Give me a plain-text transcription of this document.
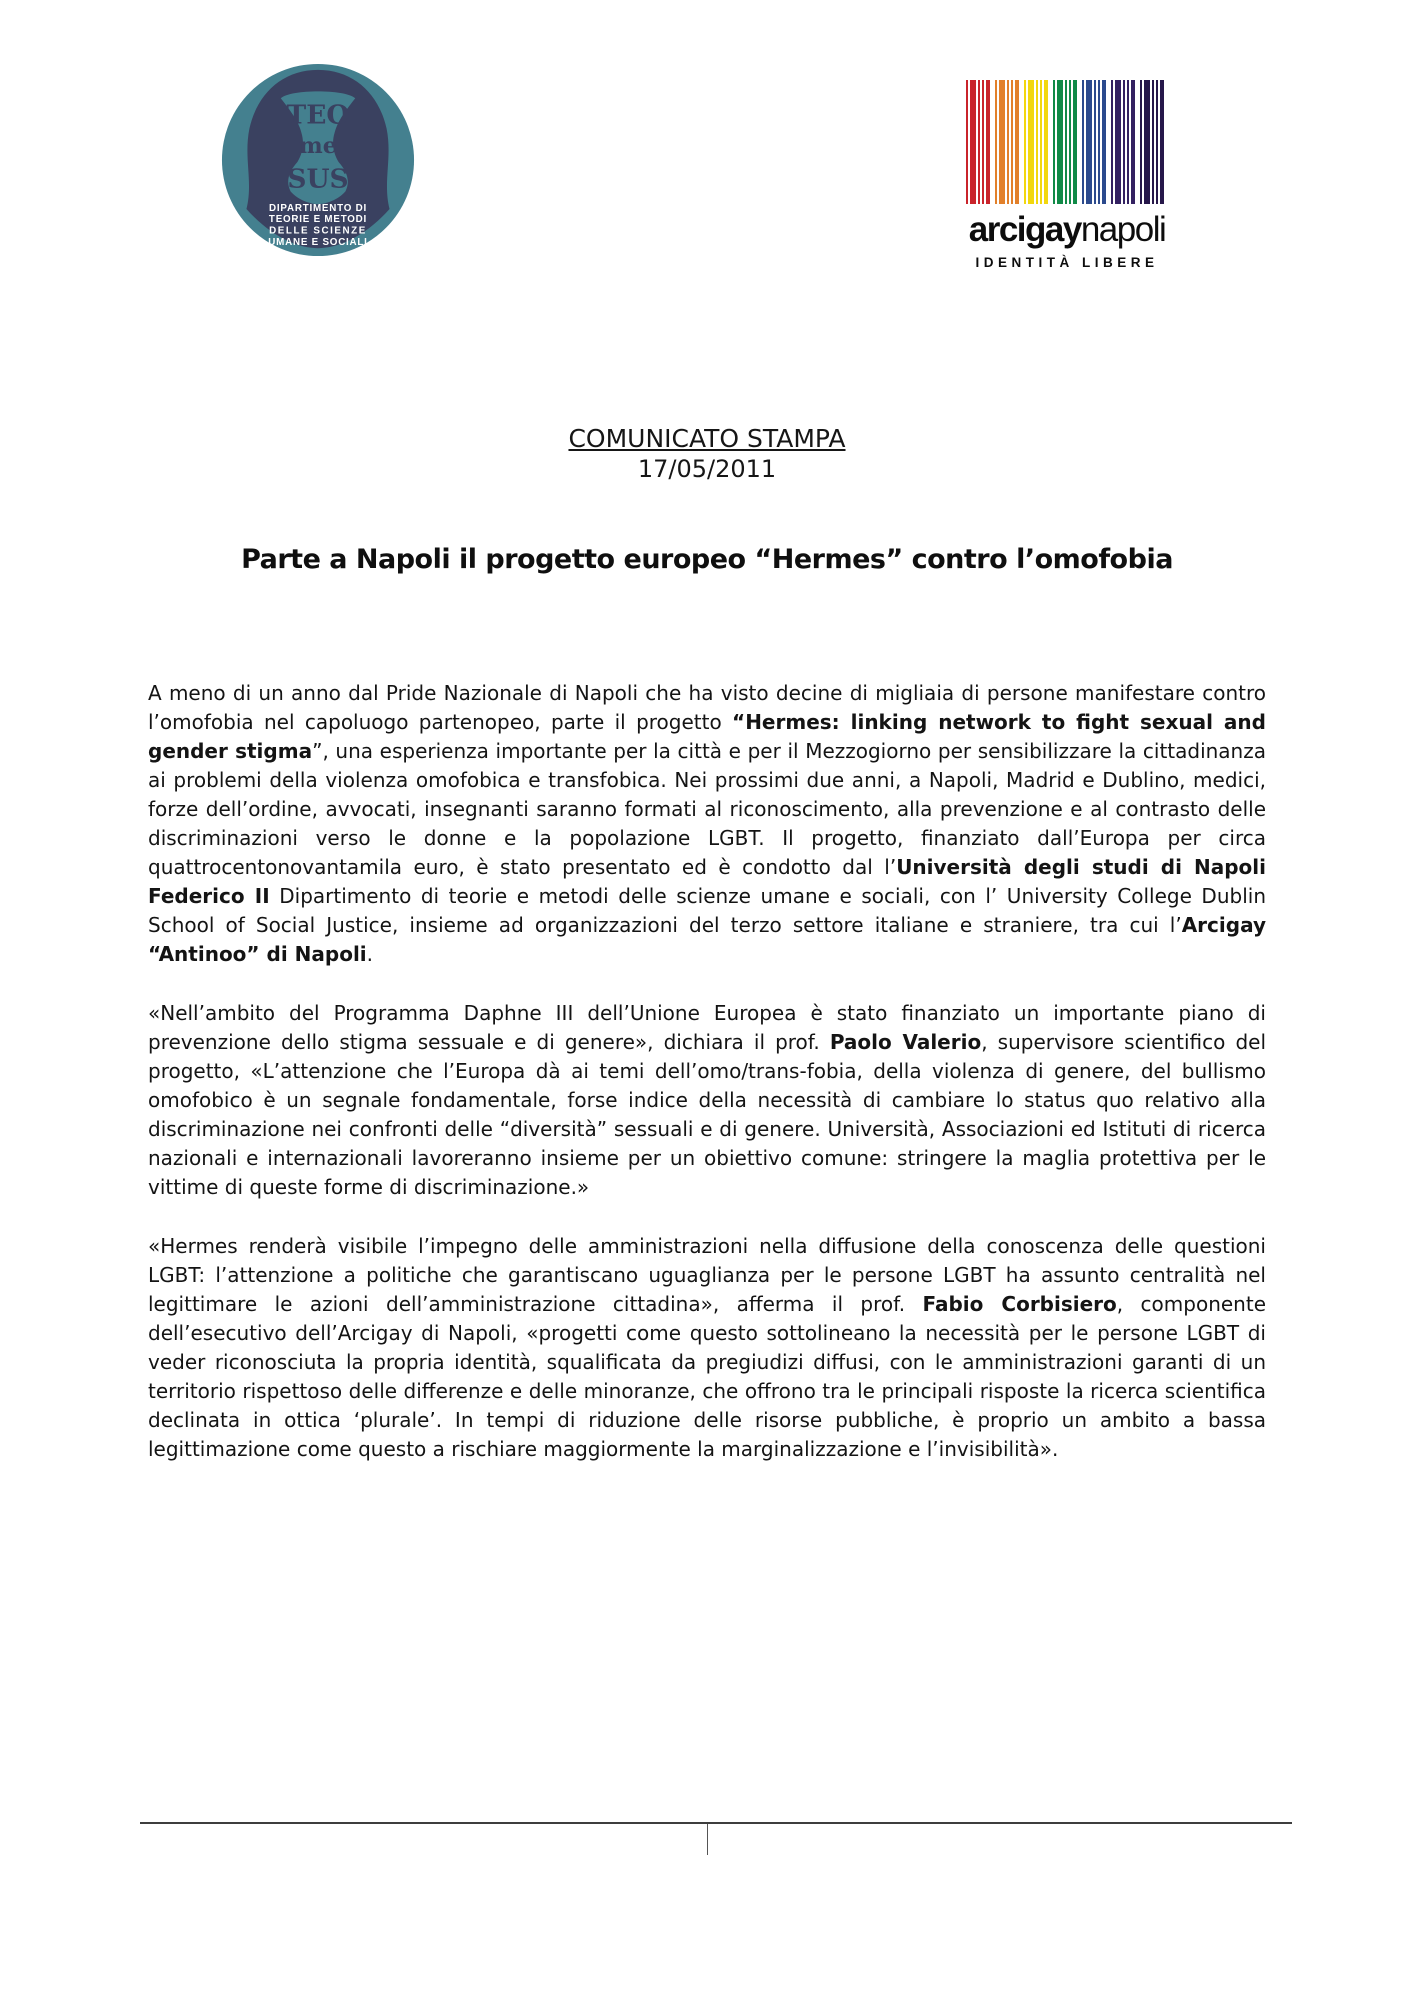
TEO
me
SUS
DIPARTIMENTO DI
TEORIE E METODI
DELLE SCIENZE
UMANE E SOCIALI	arcigaynapoli
IDENTITÀ LIBERE
COMUNICATO STAMPA
17/05/2011
Parte a Napoli il progetto europeo “Hermes” contro l’omofobia

A meno di un anno dal Pride Nazionale di Napoli che ha visto decine di migliaia di persone manifestare contro l’omofobia nel capoluogo partenopeo, parte il progetto “Hermes: linking network to fight sexual and gender stigma”, una esperienza importante per la città e per il Mezzogiorno per sensibilizzare la cittadinanza ai problemi della violenza omofobica e transfobica. Nei prossimi due anni, a Napoli, Madrid e Dublino, medici, forze dell’ordine, avvocati, insegnanti saranno formati al riconoscimento, alla prevenzione e al contrasto delle discriminazioni verso le donne e la popolazione LGBT. Il progetto, finanziato dall’Europa per circa quattrocentonovantamila euro, è stato presentato ed è condotto dal l’Università degli studi di Napoli Federico II Dipartimento di teorie e metodi delle scienze umane e sociali, con l’ University College Dublin School of Social Justice, insieme ad organizzazioni del terzo settore italiane e straniere, tra cui l’Arcigay “Antinoo” di Napoli.

«Nell’ambito del Programma Daphne III dell’Unione Europea è stato finanziato un importante piano di prevenzione dello stigma sessuale e di genere», dichiara il prof. Paolo Valerio, supervisore scientifico del progetto, «L’attenzione che l’Europa dà ai temi dell’omo/trans-fobia, della violenza di genere, del bullismo omofobico è un segnale fondamentale, forse indice della necessità di cambiare lo status quo relativo alla discriminazione nei confronti delle “diversità” sessuali e di genere. Università, Associazioni ed Istituti di ricerca nazionali e internazionali lavoreranno insieme per un obiettivo comune: stringere la maglia protettiva per le vittime di queste forme di discriminazione.»

«Hermes renderà visibile l’impegno delle amministrazioni nella diffusione della conoscenza delle questioni LGBT: l’attenzione a politiche che garantiscano uguaglianza per le persone LGBT ha assunto centralità nel legittimare le azioni dell’amministrazione cittadina», afferma il prof. Fabio Corbisiero, componente dell’esecutivo dell’Arcigay di Napoli, «progetti come questo sottolineano la necessità per le persone LGBT di veder riconosciuta la propria identità, squalificata da pregiudizi diffusi, con le amministrazioni garanti di un territorio rispettoso delle differenze e delle minoranze, che offrono tra le principali risposte la ricerca scientifica declinata in ottica ‘plurale’. In tempi di riduzione delle risorse pubbliche, è proprio un ambito a bassa legittimazione come questo a rischiare maggiormente la marginalizzazione e l’invisibilità».
